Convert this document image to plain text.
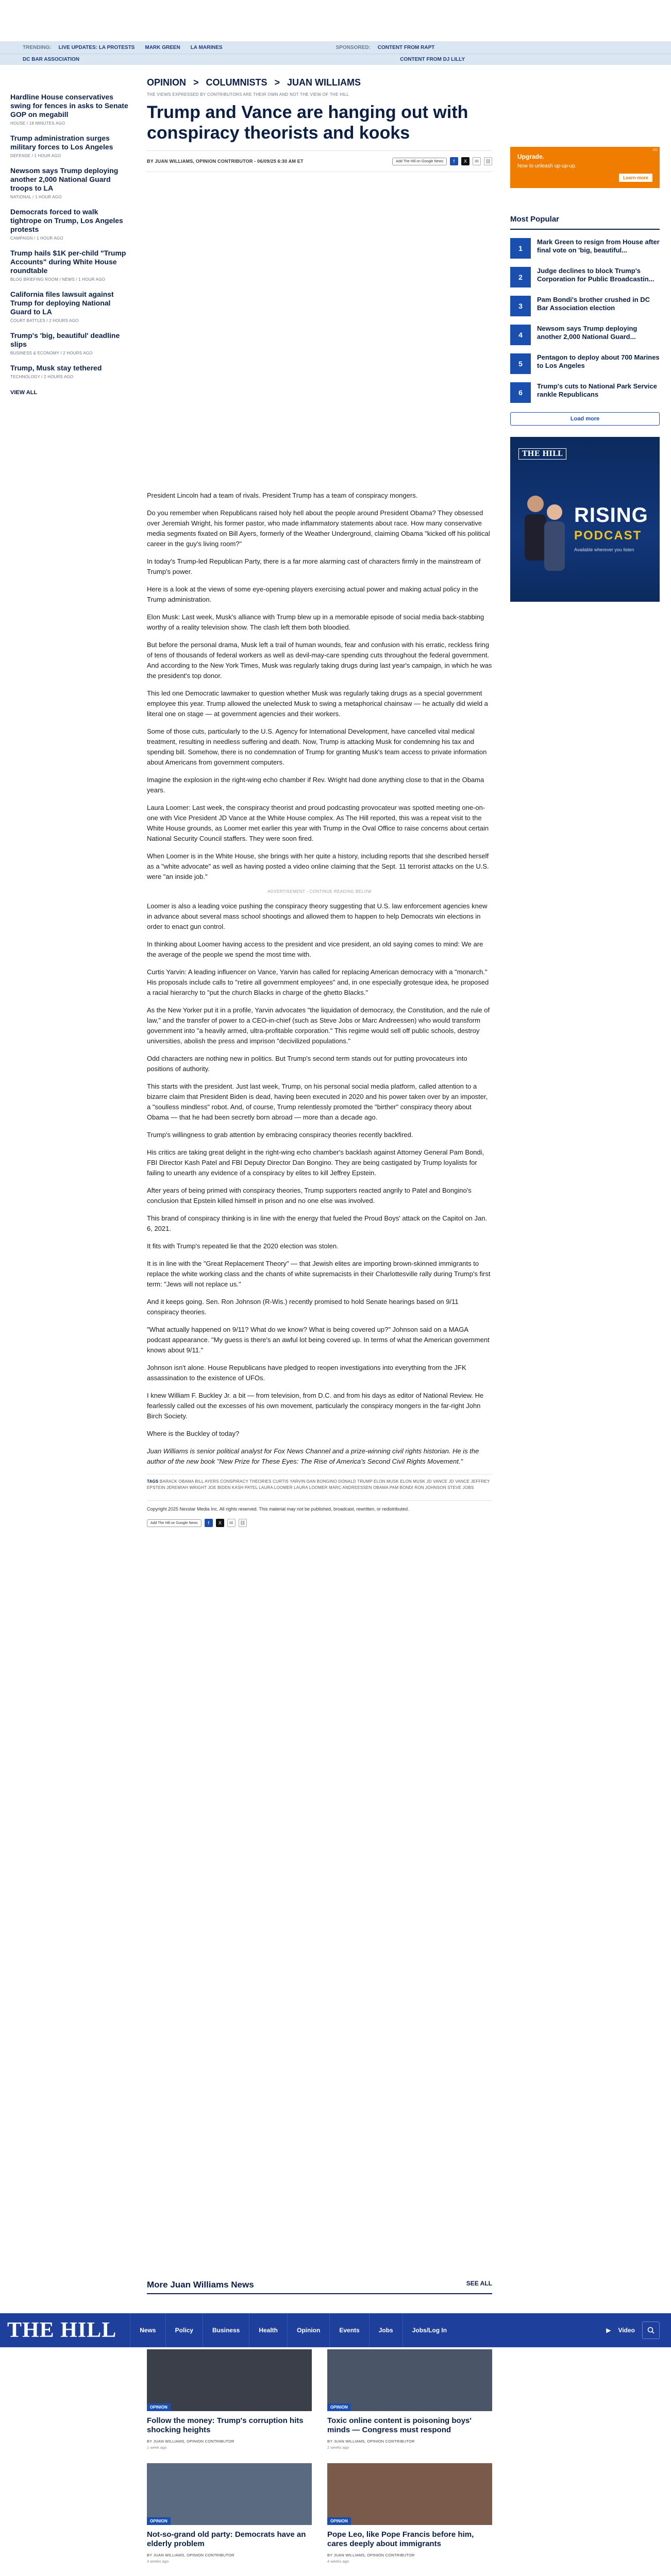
TRENDING: LIVE UPDATES: LA PROTESTS MARK GREEN LA MARINES	SPONSORED: CONTENT FROM RAPT
DC BAR ASSOCIATION	CONTENT FROM DJ LILLY
Hardline House conservatives swing for fences in asks to Senate GOP on megabill
HOUSE / 18 MINUTES AGO
Trump administration surges military forces to Los Angeles
DEFENSE / 1 HOUR AGO
Newsom says Trump deploying another 2,000 National Guard troops to LA
NATIONAL / 1 HOUR AGO
Democrats forced to walk tightrope on Trump, Los Angeles protests
CAMPAIGN / 1 HOUR AGO
Trump hails $1K per-child "Trump Accounts" during White House roundtable
BLOG BRIEFING ROOM / NEWS / 1 HOUR AGO
California files lawsuit against Trump for deploying National Guard to LA
COURT BATTLES / 2 HOURS AGO
Trump's 'big, beautiful' deadline slips
BUSINESS & ECONOMY / 2 HOURS AGO
Trump, Musk stay tethered
TECHNOLOGY / 2 HOURS AGO
VIEW ALL
OPINION > COLUMNISTS > JUAN WILLIAMS
THE VIEWS EXPRESSED BY CONTRIBUTORS ARE THEIR OWN AND NOT THE VIEW OF THE HILL
Trump and Vance are hanging out with conspiracy theorists and kooks
BY JUAN WILLIAMS, OPINION CONTRIBUTOR - 06/09/25 6:30 AM ET	Add The Hill on Google News	f	X	✉	⛓

President Lincoln had a team of rivals. President Trump has a team of conspiracy mongers.

Do you remember when Republicans raised holy hell about the people around President Obama? They obsessed over Jeremiah Wright, his former pastor, who made inflammatory statements about race. How many conservative media segments fixated on Bill Ayers, formerly of the Weather Underground, claiming Obama "kicked off his political career in the guy's living room?"

In today's Trump-led Republican Party, there is a far more alarming cast of characters firmly in the mainstream of Trump's power.

Here is a look at the views of some eye-opening players exercising actual power and making actual policy in the Trump administration.

Elon Musk: Last week, Musk's alliance with Trump blew up in a memorable episode of social media back-stabbing worthy of a reality television show. The clash left them both bloodied.

But before the personal drama, Musk left a trail of human wounds, fear and confusion with his erratic, reckless firing of tens of thousands of federal workers as well as devil-may-care spending cuts throughout the federal government. And according to the New York Times, Musk was regularly taking drugs during last year's campaign, in which he was the president's top donor.

This led one Democratic lawmaker to question whether Musk was regularly taking drugs as a special government employee this year. Trump allowed the unelected Musk to swing a metaphorical chainsaw — he actually did wield a literal one on stage — at government agencies and their workers.

Some of those cuts, particularly to the U.S. Agency for International Development, have cancelled vital medical treatment, resulting in needless suffering and death. Now, Trump is attacking Musk for condemning his tax and spending bill. Somehow, there is no condemnation of Trump for granting Musk's team access to private information about Americans from government computers.

Imagine the explosion in the right-wing echo chamber if Rev. Wright had done anything close to that in the Obama years.

Laura Loomer: Last week, the conspiracy theorist and proud podcasting provocateur was spotted meeting one-on-one with Vice President JD Vance at the White House complex. As The Hill reported, this was a repeat visit to the White House grounds, as Loomer met earlier this year with Trump in the Oval Office to raise concerns about certain National Security Council staffers. They were soon fired.

When Loomer is in the White House, she brings with her quite a history, including reports that she described herself as a "white advocate" as well as having posted a video online claiming that the Sept. 11 terrorist attacks on the U.S. were "an inside job."

ADVERTISEMENT - CONTINUE READING BELOW

Loomer is also a leading voice pushing the conspiracy theory suggesting that U.S. law enforcement agencies knew in advance about several mass school shootings and allowed them to happen to help Democrats win elections in order to enact gun control.

In thinking about Loomer having access to the president and vice president, an old saying comes to mind: We are the average of the people we spend the most time with.

Curtis Yarvin: A leading influencer on Vance, Yarvin has called for replacing American democracy with a "monarch." His proposals include calls to "retire all government employees" and, in one especially grotesque idea, he proposed a racial hierarchy to "put the church Blacks in charge of the ghetto Blacks."

As the New Yorker put it in a profile, Yarvin advocates "the liquidation of democracy, the Constitution, and the rule of law," and the transfer of power to a CEO-in-chief (such as Steve Jobs or Marc Andreessen) who would transform government into "a heavily armed, ultra-profitable corporation." This regime would sell off public schools, destroy universities, abolish the press and imprison "decivilized populations."

Odd characters are nothing new in politics. But Trump's second term stands out for putting provocateurs into positions of authority.

This starts with the president. Just last week, Trump, on his personal social media platform, called attention to a bizarre claim that President Biden is dead, having been executed in 2020 and his power taken over by an imposter, a "soulless mindless" robot. And, of course, Trump relentlessly promoted the "birther" conspiracy theory about Obama — that he had been secretly born abroad — more than a decade ago.

Trump's willingness to grab attention by embracing conspiracy theories recently backfired.

His critics are taking great delight in the right-wing echo chamber's backlash against Attorney General Pam Bondi, FBI Director Kash Patel and FBI Deputy Director Dan Bongino. They are being castigated by Trump loyalists for failing to unearth any evidence of a conspiracy by elites to kill Jeffrey Epstein.

After years of being primed with conspiracy theories, Trump supporters reacted angrily to Patel and Bongino's conclusion that Epstein killed himself in prison and no one else was involved.

This brand of conspiracy thinking is in line with the energy that fueled the Proud Boys' attack on the Capitol on Jan. 6, 2021.

It fits with Trump's repeated lie that the 2020 election was stolen.

It is in line with the "Great Replacement Theory" — that Jewish elites are importing brown-skinned immigrants to replace the white working class and the chants of white supremacists in their Charlottesville rally during Trump's first term: "Jews will not replace us."

And it keeps going. Sen. Ron Johnson (R-Wis.) recently promised to hold Senate hearings based on 9/11 conspiracy theories.

"What actually happened on 9/11? What do we know? What is being covered up?" Johnson said on a MAGA podcast appearance. "My guess is there's an awful lot being covered up. In terms of what the American government knows about 9/11."

Johnson isn't alone. House Republicans have pledged to reopen investigations into everything from the JFK assassination to the existence of UFOs.

I knew William F. Buckley Jr. a bit — from television, from D.C. and from his days as editor of National Review. He fearlessly called out the excesses of his own movement, particularly the conspiracy mongers in the far-right John Birch Society.

Where is the Buckley of today?

Juan Williams is senior political analyst for Fox News Channel and a prize-winning civil rights historian. He is the author of the new book "New Prize for These Eyes: The Rise of America's Second Civil Rights Movement."
TAGS BARACK OBAMA BILL AYERS CONSPIRACY THEORIES CURTIS YARVIN DAN BONGINO DONALD TRUMP ELON MUSK ELON MUSK JD VANCE JD VANCE JEFFREY EPSTEIN JEREMIAH WRIGHT JOE BIDEN KASH PATEL LAURA LOOMER LAURA LOOMER MARC ANDREESSEN OBAMA PAM BONDI RON JOHNSON STEVE JOBS
Copyright 2025 Nexstar Media Inc. All rights reserved. This material may not be published, broadcast, rewritten, or redistributed.
Add The Hill on Google News	f	X	✉	⛓
AD
Upgrade.
Now to unleash up-up-up.
Learn more
Most Popular
1
Mark Green to resign from House after final vote on 'big, beautiful...
2
Judge declines to block Trump's Corporation for Public Broadcastin...
3
Pam Bondi's brother crushed in DC Bar Association election
4
Newsom says Trump deploying another 2,000 National Guard...
5
Pentagon to deploy about 700 Marines to Los Angeles
6
Trump's cuts to National Park Service rankle Republicans
Load more
THE HILL
RISING
PODCAST
Available wherever you listen
More Juan Williams News	SEE ALL
THE HILL	News	Policy	Business	Health	Opinion	Events	Jobs	Jobs/Log In	▶ Video
OPINION
Follow the money: Trump's corruption hits shocking heights
BY JUAN WILLIAMS, OPINION CONTRIBUTOR
1 week ago
OPINION
Toxic online content is poisoning boys' minds — Congress must respond
BY JUAN WILLIAMS, OPINION CONTRIBUTOR
2 weeks ago
OPINION
Not-so-grand old party: Democrats have an elderly problem
BY JUAN WILLIAMS, OPINION CONTRIBUTOR
3 weeks ago
OPINION
Pope Leo, like Pope Francis before him, cares deeply about immigrants
BY JUAN WILLIAMS, OPINION CONTRIBUTOR
4 weeks ago
